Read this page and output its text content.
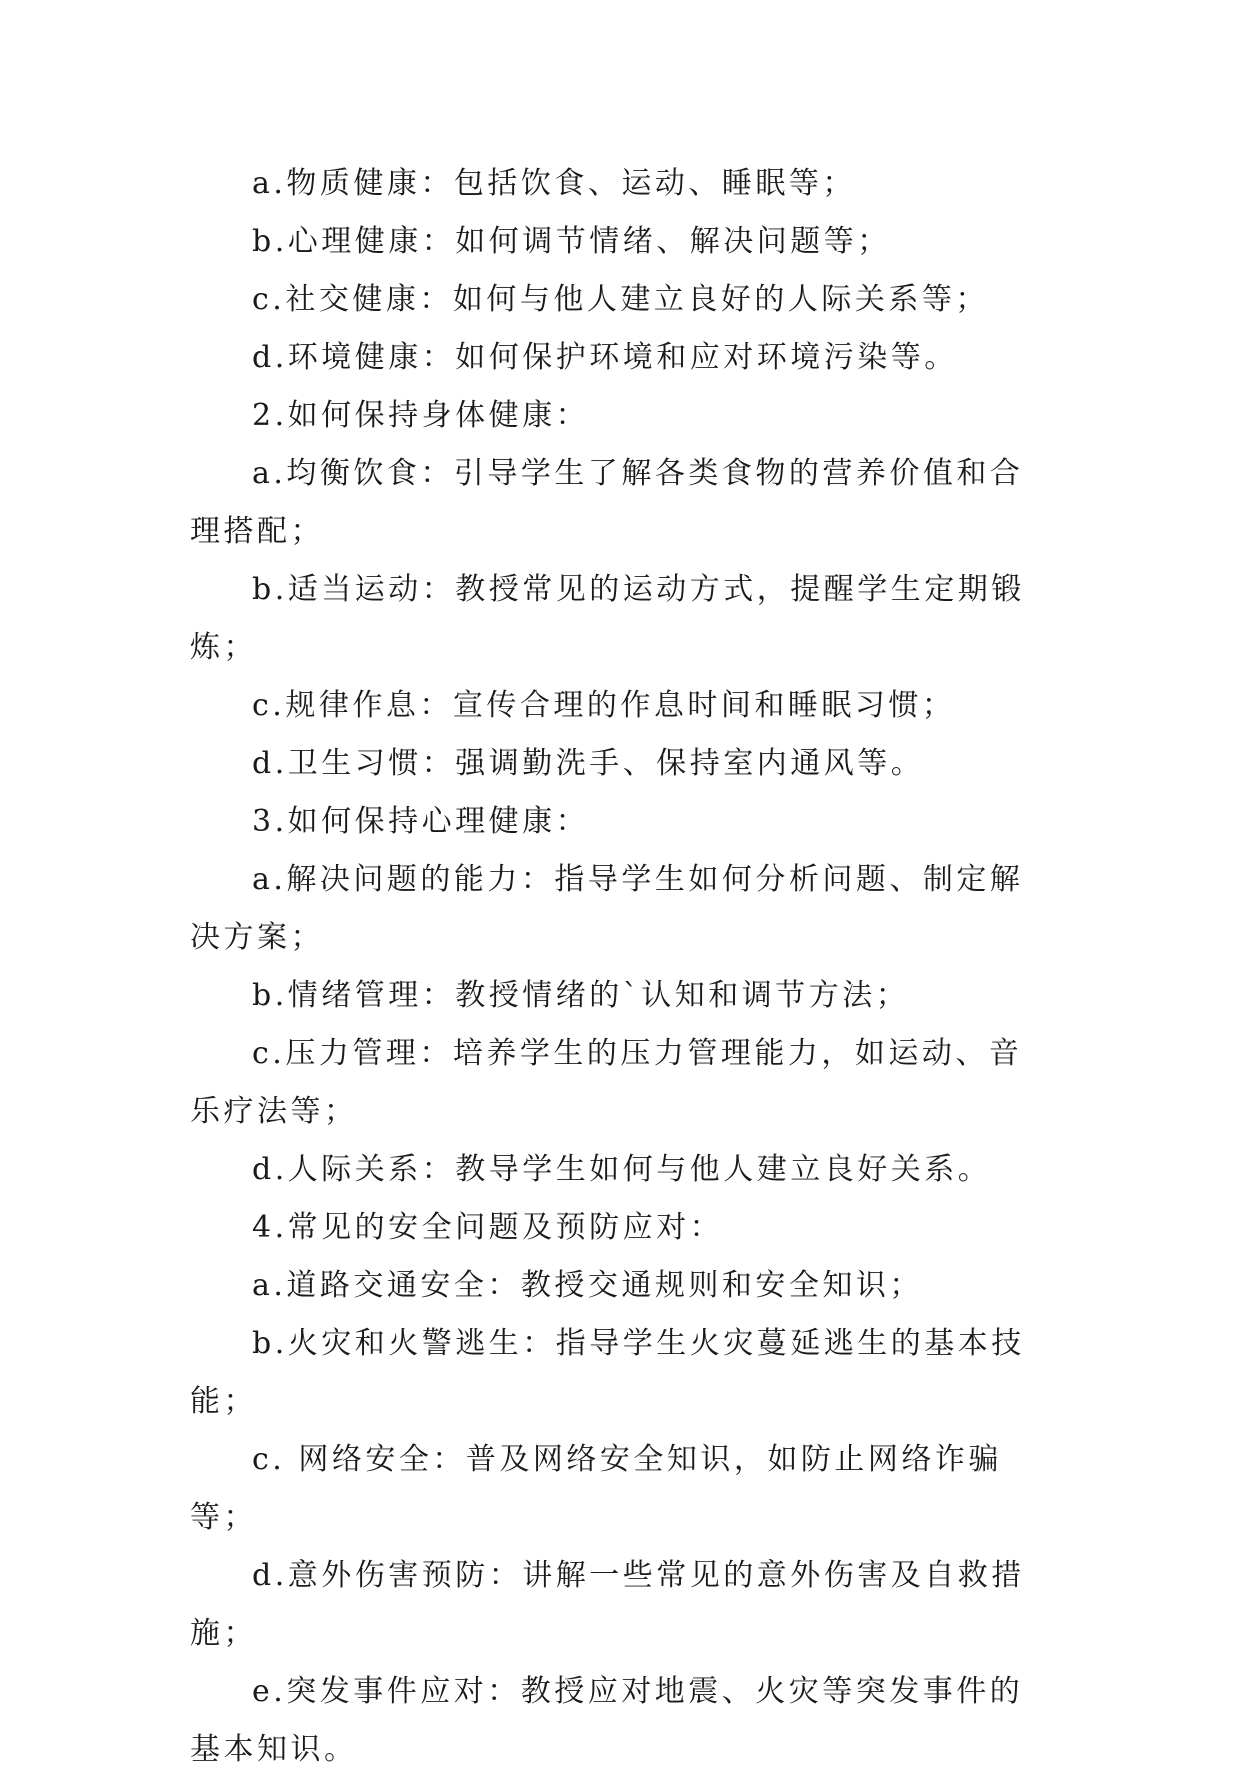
a.物质健康：包括饮食、运动、睡眠等；

b.心理健康：如何调节情绪、解决问题等；

c.社交健康：如何与他人建立良好的人际关系等；

d.环境健康：如何保护环境和应对环境污染等。

2.如何保持身体健康：

a.均衡饮食：引导学生了解各类食物的营养价值和合理搭配；

b.适当运动：教授常见的运动方式，提醒学生定期锻炼；

c.规律作息：宣传合理的作息时间和睡眠习惯；

d.卫生习惯：强调勤洗手、保持室内通风等。

3.如何保持心理健康：

a.解决问题的能力：指导学生如何分析问题、制定解决方案；

b.情绪管理：教授情绪的`认知和调节方法；

c.压力管理：培养学生的压力管理能力，如运动、音乐疗法等；

d.人际关系：教导学生如何与他人建立良好关系。

4.常见的安全问题及预防应对：

a.道路交通安全：教授交通规则和安全知识；

b.火灾和火警逃生：指导学生火灾蔓延逃生的基本技能；

c. 网络安全：普及网络安全知识，如防止网络诈骗等；

d.意外伤害预防：讲解一些常见的意外伤害及自救措施；

e.突发事件应对：教授应对地震、火灾等突发事件的基本知识。
